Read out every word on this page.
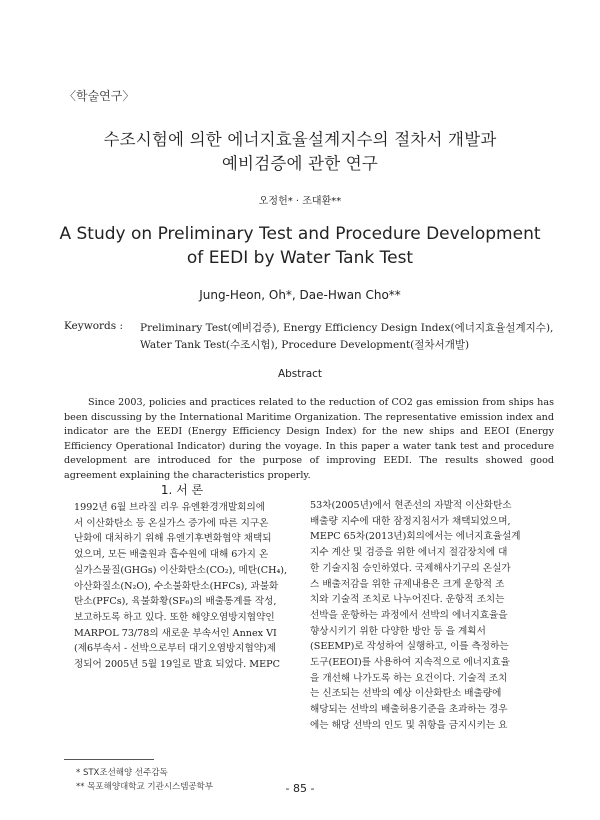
〈학술연구〉
수조시험에 의한 에너지효율설계지수의 절차서 개발과
예비검증에 관한 연구
오정헌* · 조대환**
A Study on Preliminary Test and Procedure Development
of EEDI by Water Tank Test
Jung-Heon, Oh*, Dae-Hwan Cho**
Keywords : Preliminary Test(예비검증), Energy Efficiency Design Index(에너지효율설계지수),
Water Tank Test(수조시험), Procedure Development(절차서개발)
Abstract

Since 2003, policies and practices related to the reduction of CO2 gas emission from ships has been discussing by the International Maritime Organization. The representative emission index and indicator are the EEDI (Energy Efficiency Design Index) for the new ships and EEOI (Energy Efficiency Operational Indicator) during the voyage. In this paper a water tank test and procedure development are introduced for the purpose of improving EEDI. The results showed good agreement explaining the characteristics properly.

1. 서 론
1992년 6월 브라질 리우 유엔환경개발회의에
서 이산화탄소 등 온실가스 증가에 따른 지구온
난화에 대처하기 위해 유엔기후변화협약 채택되
었으며, 모든 배출원과 흡수원에 대해 6가지 온
실가스물질(GHGs) 이산화탄소(CO₂), 메탄(CH₄),
아산화질소(N₂O), 수소불화탄소(HFCs), 과불화
탄소(PFCs), 육불화황(SF₆)의 배출통계를 작성,
보고하도록 하고 있다. 또한 해양오염방지협약인
MARPOL 73/78의 새로운 부속서인 Annex VI
(제6부속서 - 선박으로부터 대기오염방지협약)제
정되어 2005년 5월 19일로 발효 되었다. MEPC
53차(2005년)에서 현존선의 자발적 이산화탄소
배출량 지수에 대한 잠정지침서가 채택되었으며,
MEPC 65차(2013년)회의에서는 에너지효율설계
지수 계산 및 검증을 위한 에너지 절감장치에 대
한 기술지침 승인하였다. 국제해사기구의 온실가
스 배출저감을 위한 규제내용은 크게 운항적 조
치와 기술적 조치로 나누어진다. 운항적 조치는
선박을 운항하는 과정에서 선박의 에너지효율을
향상시키기 위한 다양한 방안 등 을 계획서
(SEEMP)로 작성하여 실행하고, 이를 측정하는
도구(EEOI)를 사용하여 지속적으로 에너지효율
을 개선해 나가도록 하는 요건이다. 기술적 조치
는 신조되는 선박의 예상 이산화탄소 배출량에
해당되는 선박의 배출허용기준을 초과하는 경우
에는 해당 선박의 인도 및 취항을 금지시키는 요
* STX조선해양 선주감독
** 목포해양대학교 기관시스템공학부	- 85 -
